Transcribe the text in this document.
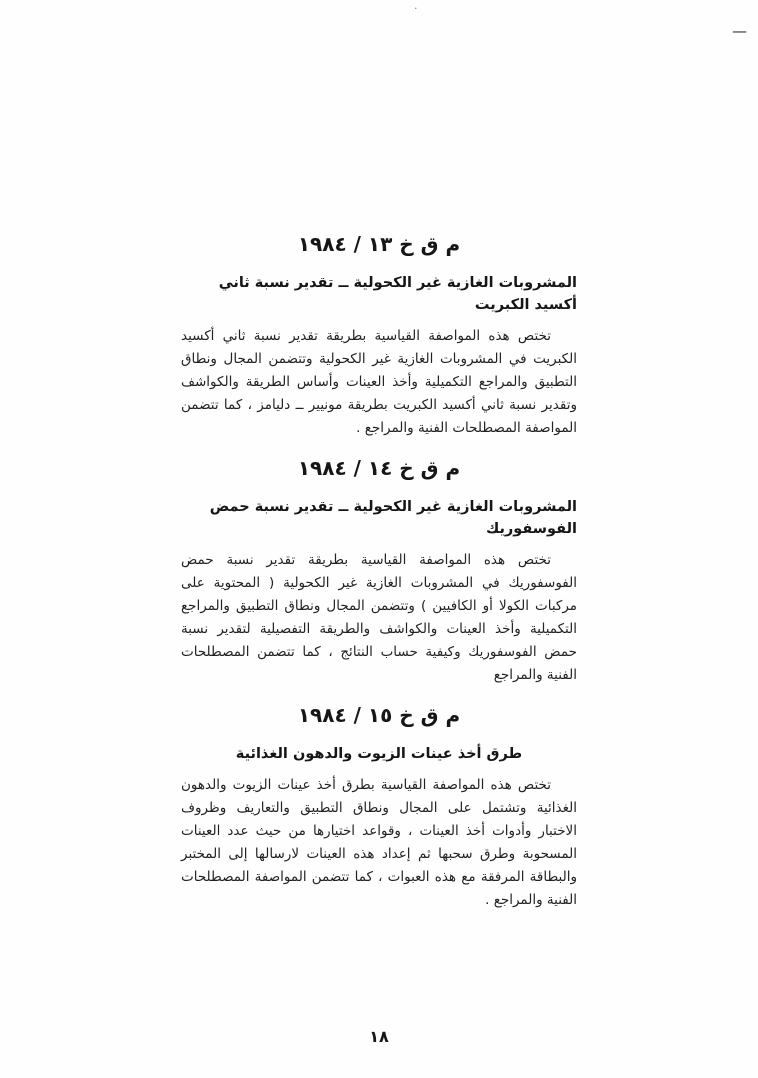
·
—
م ق خ ١٣ / ١٩٨٤
المشروبات الغازية غير الكحولية ــ تقدير نسبة ثاني أكسيد الكبريت

تختص هذه المواصفة القياسية بطريقة تقدير نسبة ثاني أكسيد الكبريت في المشروبات الغازية غير الكحولية وتتضمن المجال ونطاق التطبيق والمراجع التكميلية وأخذ العينات وأساس الطريقة والكواشف وتقدير نسبة ثاني أكسيد الكبريت بطريقة مونيير ــ دليامز ، كما تتضمن المواصفة المصطلحات الفنية والمراجع .

م ق خ ١٤ / ١٩٨٤
المشروبات الغازية غير الكحولية ــ تقدير نسبة حمض الفوسفوريك

تختص هذه المواصفة القياسية بطريقة تقدير نسبة حمض الفوسفوريك في المشروبات الغازية غير الكحولية ( المحتوية على مركبات الكولا أو الكافيين ) وتتضمن المجال ونطاق التطبيق والمراجع التكميلية وأخذ العينات والكواشف والطريقة التفصيلية لتقدير نسبة حمض الفوسفوريك وكيفية حساب النتائج ، كما تتضمن المصطلحات الفنية والمراجع

م ق خ ١٥ / ١٩٨٤
طرق أخذ عينات الزيوت والدهون الغذائية

تختص هذه المواصفة القياسية بطرق أخذ عينات الزيوت والدهون الغذائية وتشتمل على المجال ونطاق التطبيق والتعاريف وظروف الاختبار وأدوات أخذ العينات ، وقواعد اختيارها من حيث عدد العينات المسحوبة وطرق سحبها ثم إعداد هذه العينات لارسالها إلى المختبر والبطاقة المرفقة مع هذه العبوات ، كما تتضمن المواصفة المصطلحات الفنية والمراجع .

١٨
